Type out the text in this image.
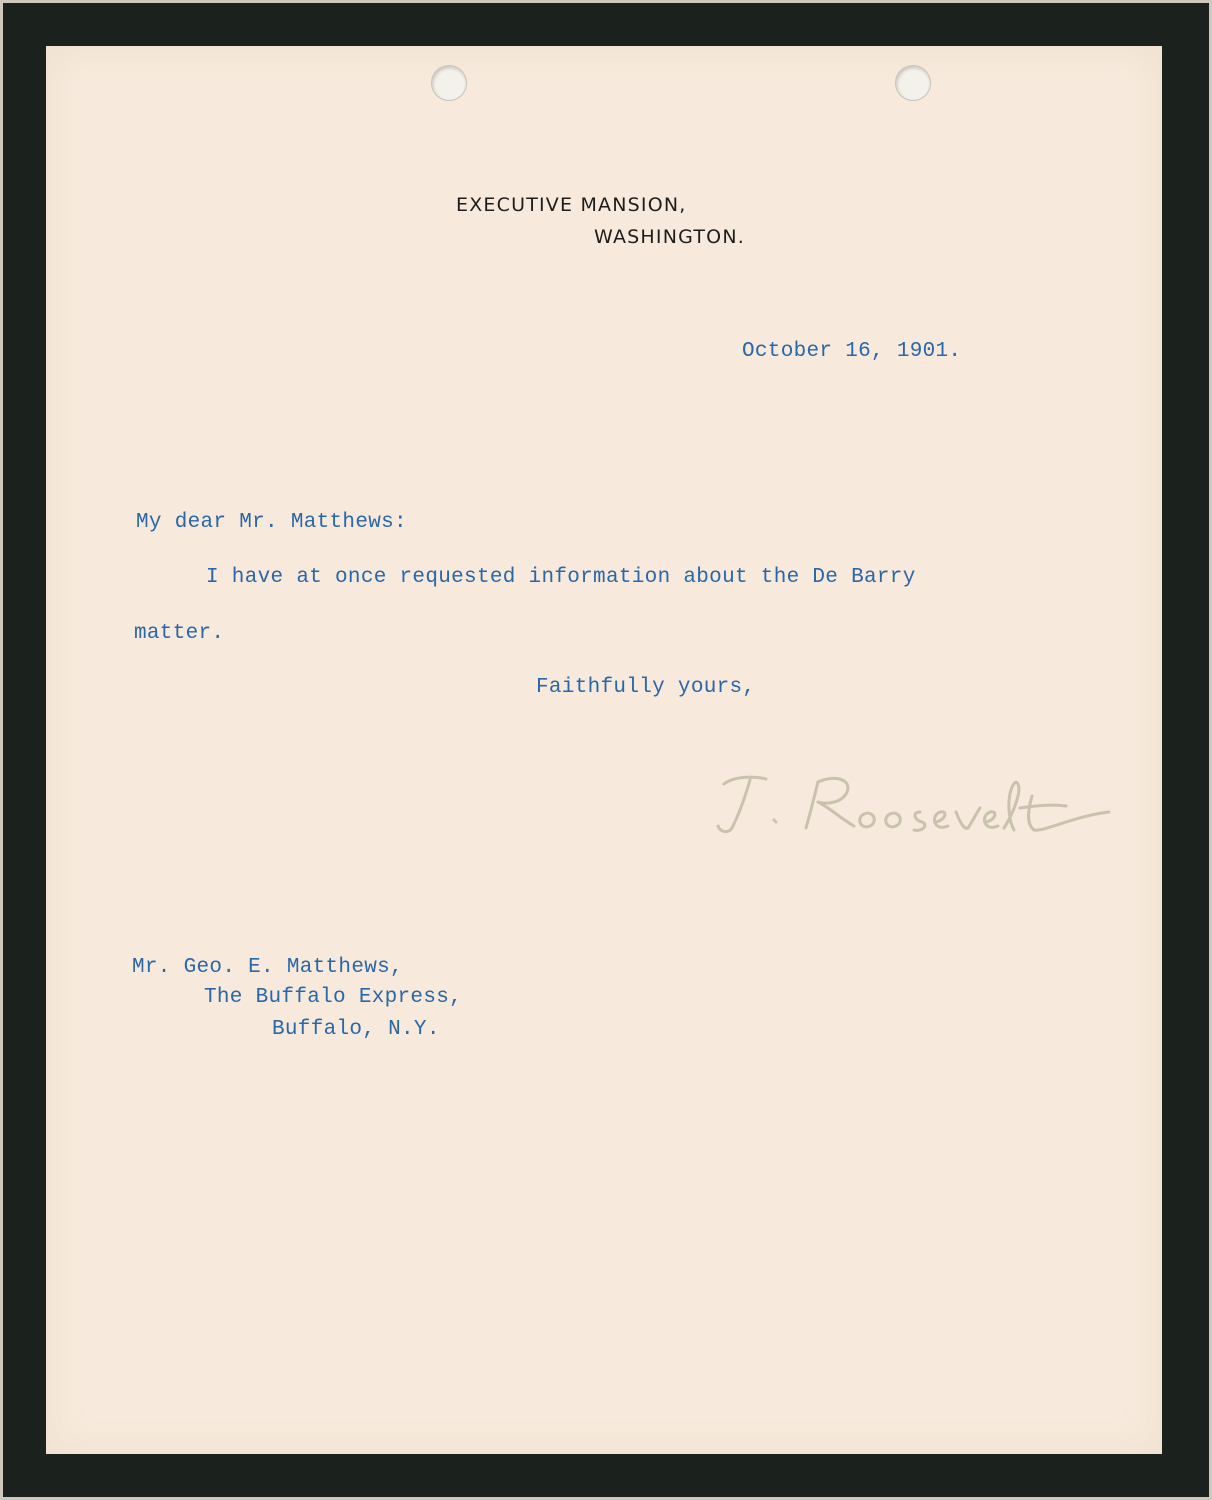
EXECUTIVE MANSION,
WASHINGTON.
October 16, 1901.
My dear Mr. Matthews:
I have at once requested information about the De Barry
matter.
Faithfully yours,
Mr. Geo. E. Matthews,
The Buffalo Express,
Buffalo, N.Y.
